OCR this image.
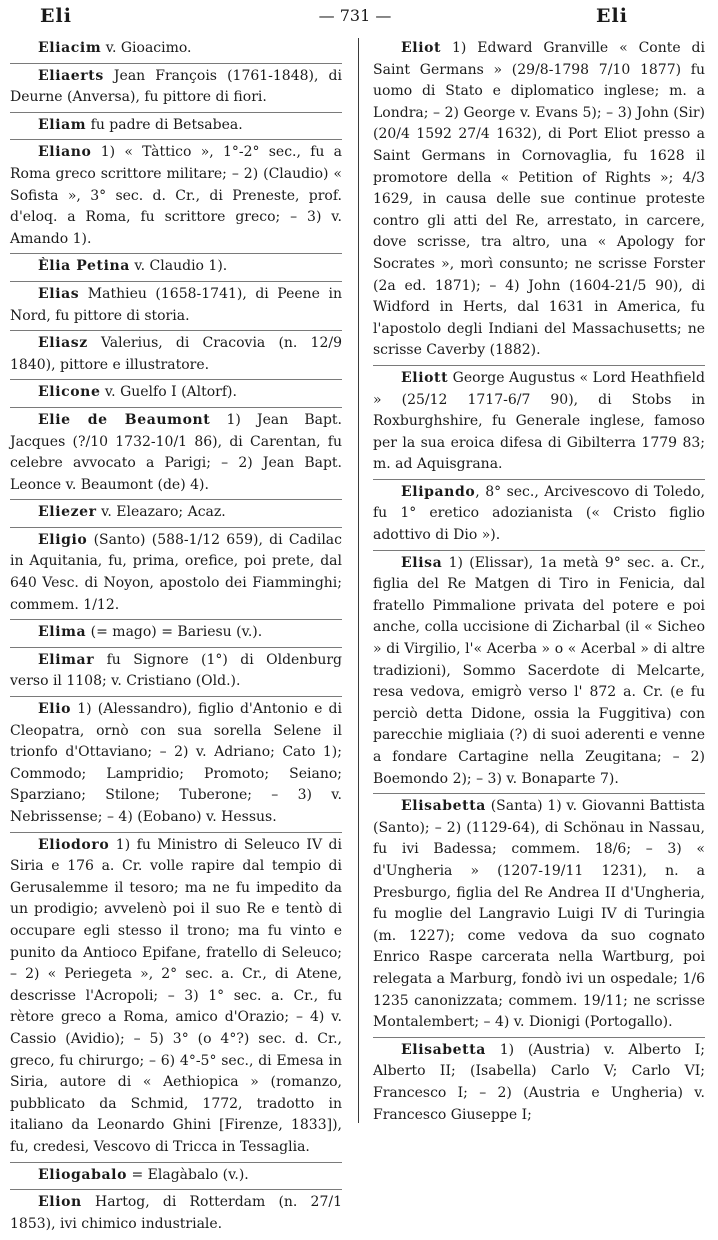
Eli	— 731 —	Eli

Eliacim v. Gioacimo.

Eliaerts Jean François (1761-1848), di Deurne (Anversa), fu pittore di fiori.

Eliam fu padre di Betsabea.

Eliano 1) « Tàttico », 1°-2° sec., fu a Roma greco scrittore militare; – 2) (Claudio) « Sofista », 3° sec. d. Cr., di Preneste, prof. d'eloq. a Roma, fu scrittore greco; – 3) v. Amando 1).

Èlia Petina v. Claudio 1).

Elias Mathieu (1658-1741), di Peene in Nord, fu pittore di storia.

Eliasz Valerius, di Cracovia (n. 12/9 1840), pittore e illustratore.

Elicone v. Guelfo I (Altorf).

Elie de Beaumont 1) Jean Bapt. Jacques (?/10 1732-10/1 86), di Carentan, fu celebre avvocato a Parigi; – 2) Jean Bapt. Leonce v. Beaumont (de) 4).

Eliezer v. Eleazaro; Acaz.

Eligio (Santo) (588-1/12 659), di Cadilac in Aquitania, fu, prima, orefice, poi prete, dal 640 Vesc. di Noyon, apostolo dei Fiamminghi; commem. 1/12.

Elima (= mago) = Bariesu (v.).

Elimar fu Signore (1°) di Oldenburg verso il 1108; v. Cristiano (Old.).

Elio 1) (Alessandro), figlio d'Antonio e di Cleopatra, ornò con sua sorella Selene il trionfo d'Ottaviano; – 2) v. Adriano; Cato 1); Commodo; Lampridio; Promoto; Seiano; Sparziano; Stilone; Tuberone; – 3) v. Nebrissense; – 4) (Eobano) v. Hessus.

Eliodoro 1) fu Ministro di Seleuco IV di Siria e 176 a. Cr. volle rapire dal tempio di Gerusalemme il tesoro; ma ne fu impedito da un prodigio; avvelenò poi il suo Re e tentò di occupare egli stesso il trono; ma fu vinto e punito da Antioco Epifane, fratello di Seleuco; – 2) « Periegeta », 2° sec. a. Cr., di Atene, descrisse l'Acropoli; – 3) 1° sec. a. Cr., fu rètore greco a Roma, amico d'Orazio; – 4) v. Cassio (Avidio); – 5) 3° (o 4°?) sec. d. Cr., greco, fu chirurgo; – 6) 4°-5° sec., di Emesa in Siria, autore di « Aethiopica » (romanzo, pubblicato da Schmid, 1772, tradotto in italiano da Leonardo Ghini [Firenze, 1833]), fu, credesi, Vescovo di Tricca in Tessaglia.

Eliogabalo = Elagàbalo (v.).

Elion Hartog, di Rotterdam (n. 27/1 1853), ivi chimico industriale.

Eliot 1) Edward Granville « Conte di Saint Germans » (29/8-1798 7/10 1877) fu uomo di Stato e diplomatico inglese; m. a Londra; – 2) George v. Evans 5); – 3) John (Sir) (20/4 1592 27/4 1632), di Port Eliot presso a Saint Germans in Cornovaglia, fu 1628 il promotore della « Petition of Rights »; 4/3 1629, in causa delle sue continue proteste contro gli atti del Re, arrestato, in carcere, dove scrisse, tra altro, una « Apology for Socrates », morì consunto; ne scrisse Forster (2a ed. 1871); – 4) John (1604-21/5 90), di Widford in Herts, dal 1631 in America, fu l'apostolo degli Indiani del Massachusetts; ne scrisse Caverby (1882).

Eliott George Augustus « Lord Heathfield » (25/12 1717-6/7 90), di Stobs in Roxburghshire, fu Generale inglese, famoso per la sua eroica difesa di Gibilterra 1779 83; m. ad Aquisgrana.

Elipando, 8° sec., Arcivescovo di Toledo, fu 1° eretico adozianista (« Cristo figlio adottivo di Dio »).

Elisa 1) (Elissar), 1a metà 9° sec. a. Cr., figlia del Re Matgen di Tiro in Fenicia, dal fratello Pimmalione privata del potere e poi anche, colla uccisione di Zicharbal (il « Sicheo » di Virgilio, l'« Acerba » o « Acerbal » di altre tradizioni), Sommo Sacerdote di Melcarte, resa vedova, emigrò verso l' 872 a. Cr. (e fu perciò detta Didone, ossia la Fuggitiva) con parecchie migliaia (?) di suoi aderenti e venne a fondare Cartagine nella Zeugitana; – 2) Boemondo 2); – 3) v. Bonaparte 7).

Elisabetta (Santa) 1) v. Giovanni Battista (Santo); – 2) (1129-64), di Schönau in Nassau, fu ivi Badessa; commem. 18/6; – 3) « d'Ungheria » (1207-19/11 1231), n. a Presburgo, figlia del Re Andrea II d'Ungheria, fu moglie del Langravio Luigi IV di Turingia (m. 1227); come vedova da suo cognato Enrico Raspe carcerata nella Wartburg, poi relegata a Marburg, fondò ivi un ospedale; 1/6 1235 canonizzata; commem. 19/11; ne scrisse Montalembert; – 4) v. Dionigi (Portogallo).

Elisabetta 1) (Austria) v. Alberto I; Alberto II; (Isabella) Carlo V; Carlo VI; Francesco I; – 2) (Austria e Ungheria) v. Francesco Giuseppe I;
